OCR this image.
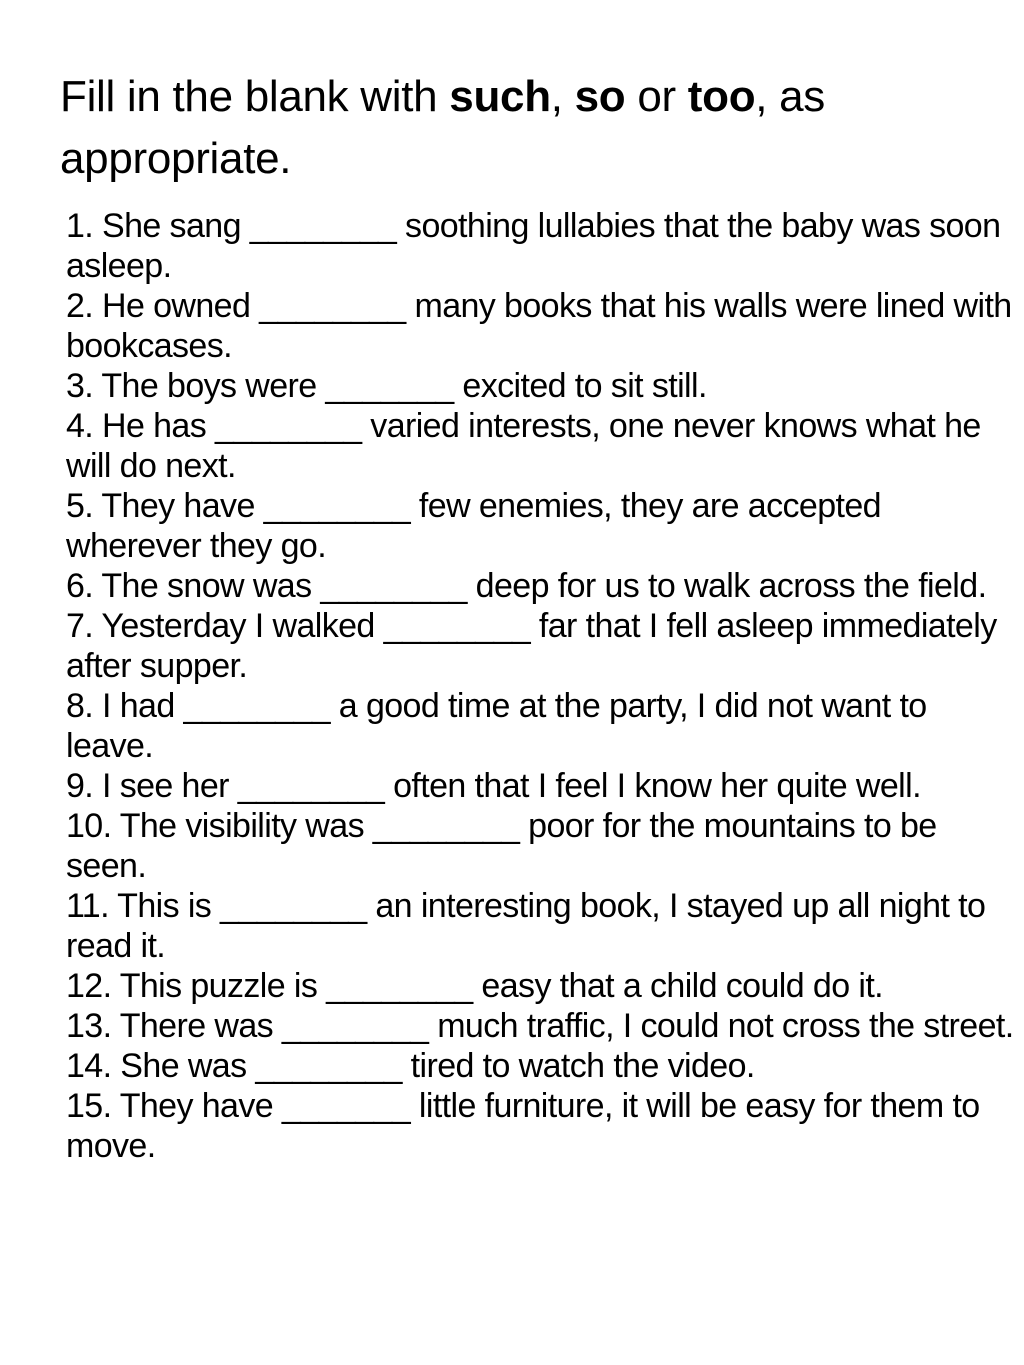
Fill in the blank with such, so or too, as appropriate.

1. She sang ________ soothing lullabies that the baby was soon asleep.

2. He owned ________ many books that his walls were lined with bookcases.

3. The boys were _______ excited to sit still.

4. He has ________ varied interests, one never knows what he will do next.

5. They have ________ few enemies, they are accepted wherever they go.

6. The snow was ________ deep for us to walk across the field.

7. Yesterday I walked ________ far that I fell asleep immediately after supper.

8. I had ________ a good time at the party, I did not want to leave.

9. I see her ________ often that I feel I know her quite well.

10. The visibility was ________ poor for the mountains to be seen.

11. This is ________ an interesting book, I stayed up all night to read it.

12. This puzzle is ________ easy that a child could do it.

13. There was ________ much traffic, I could not cross the street.

14. She was ________ tired to watch the video.

15. They have _______ little furniture, it will be easy for them to move.
